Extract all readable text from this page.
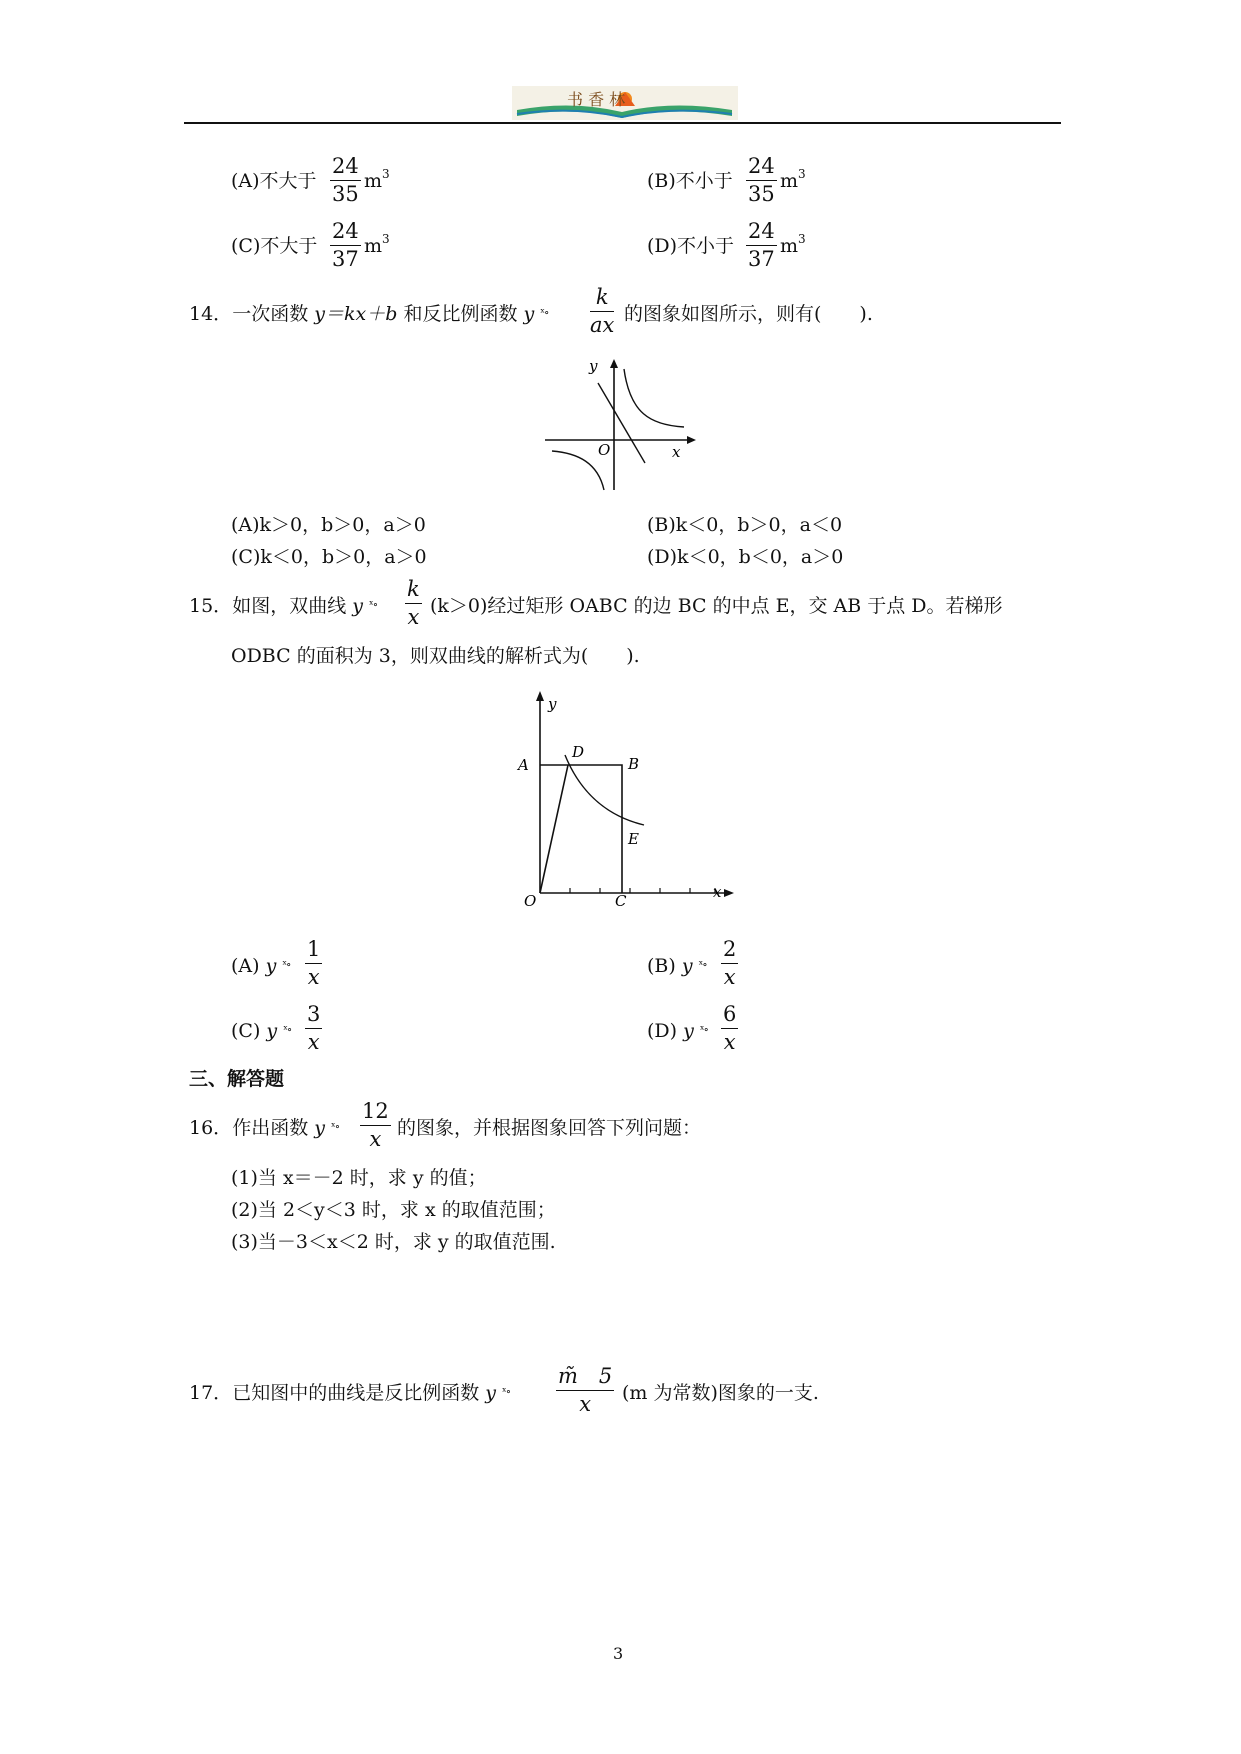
书 香 林
(A)不大于 $\frac{24}{35} m^3$	(B)不小于 $\frac{24}{35} m^3$
(C)不大于 $\frac{24}{37} m^3$	(D)不小于 $\frac{24}{37} m^3$
14．一次函数 y＝kx＋b 和反比例函数 y $^{ˣ\circ} \frac{k}{ax}$ 的图象如图所示，则有(　　).
y
x
O
(A)k＞0，b＞0，a＞0	(B)k＜0，b＞0，a＜0
(C)k＜0，b＞0，a＞0	(D)k＜0，b＜0，a＞0
15．如图，双曲线 y $^{ˣ\circ} \frac{k}{x} (k>0)$经过矩形 OABC 的边 BC 的中点 E，交 AB 于点 D。若梯形
ODBC 的面积为 3，则双曲线的解析式为(　　).
y
x
O
A	B
C
D
E
(A) y $^{ˣ\circ} \frac{1}{x}$	(B) y $^{ˣ\circ} \frac{2}{x}$
(C) y $^{ˣ\circ} \frac{3}{x}$	(D) y $^{ˣ\circ} \frac{6}{x}$
三、解答题
16．作出函数 y $^{ˣ\circ} \frac{12}{x}$ 的图象，并根据图象回答下列问题：
(1)当 x＝－2 时，求 y 的值；
(2)当 2＜y＜3 时，求 x 的取值范围；
(3)当－3＜x＜2 时，求 y 的取值范围.
17．已知图中的曲线是反比例函数 y $^{ˣ\circ} \frac{m̃ 5}{x} (m$ 为常数)图象的一支.
3
